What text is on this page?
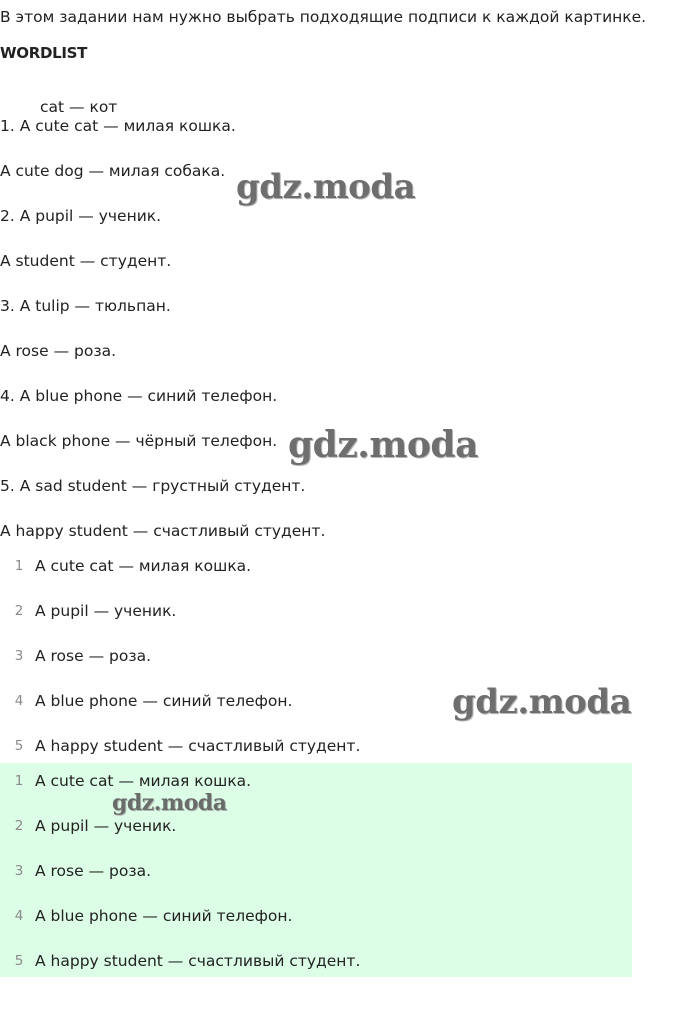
В этом задании нам нужно выбрать подходящие подписи к каждой картинке.
WORDLIST
cat — кот
1. A cute cat — милая кошка.
A cute dog — милая собака.
2. A pupil — ученик.
A student — студент.
3. A tulip — тюльпан.
A rose — роза.
4. A blue phone — синий телефон.
A black phone — чёрный телефон.
5. A sad student — грустный студент.
A happy student — счастливый студент.
1 A cute cat — милая кошка.
2 A pupil — ученик.
3 A rose — роза.
4 A blue phone — синий телефон.
5 A happy student — счастливый студент.
1 A cute cat — милая кошка.
2 A pupil — ученик.
3 A rose — роза.
4 A blue phone — синий телефон.
5 A happy student — счастливый студент.
gdz.moda
gdz.moda
gdz.moda
gdz.moda
